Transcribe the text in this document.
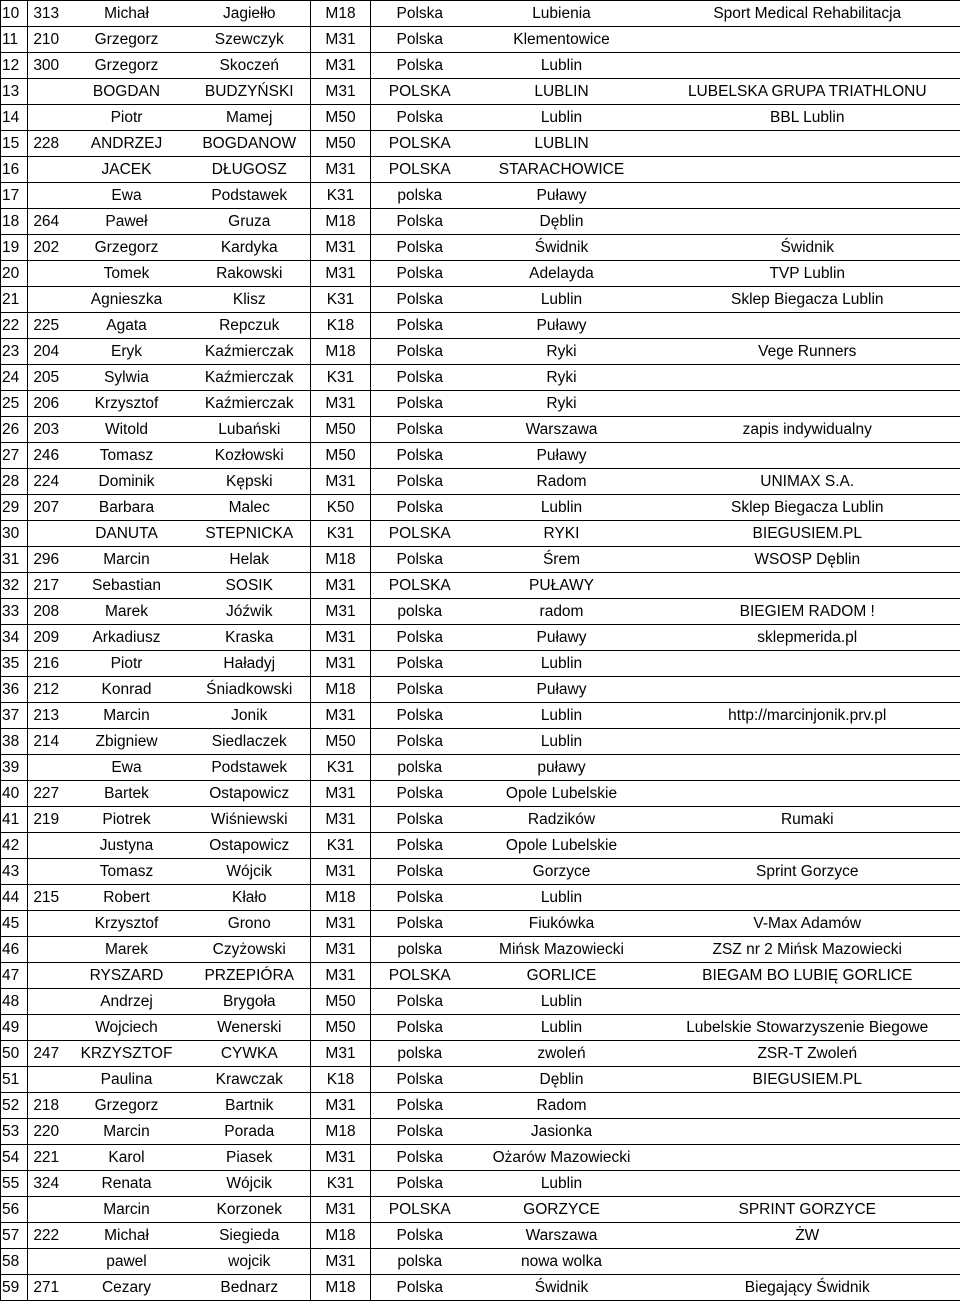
10	313	Michał	Jagiełło	M18	Polska	Lubienia	Sport Medical Rehabilitacja
11	210	Grzegorz	Szewczyk	M31	Polska	Klementowice	
12	300	Grzegorz	Skoczeń	M31	Polska	Lublin	
13		BOGDAN	BUDZYŃSKI	M31	POLSKA	LUBLIN	LUBELSKA GRUPA TRIATHLONU
14		Piotr	Mamej	M50	Polska	Lublin	BBL Lublin
15	228	ANDRZEJ	BOGDANOW	M50	POLSKA	LUBLIN	
16		JACEK	DŁUGOSZ	M31	POLSKA	STARACHOWICE	
17		Ewa	Podstawek	K31	polska	Puławy	
18	264	Paweł	Gruza	M18	Polska	Dęblin	
19	202	Grzegorz	Kardyka	M31	Polska	Świdnik	Świdnik
20		Tomek	Rakowski	M31	Polska	Adelayda	TVP Lublin
21		Agnieszka	Klisz	K31	Polska	Lublin	Sklep Biegacza Lublin
22	225	Agata	Repczuk	K18	Polska	Puławy	
23	204	Eryk	Kaźmierczak	M18	Polska	Ryki	Vege Runners
24	205	Sylwia	Kaźmierczak	K31	Polska	Ryki	
25	206	Krzysztof	Kaźmierczak	M31	Polska	Ryki	
26	203	Witold	Lubański	M50	Polska	Warszawa	zapis indywidualny
27	246	Tomasz	Kozłowski	M50	Polska	Puławy	
28	224	Dominik	Kępski	M31	Polska	Radom	UNIMAX S.A.
29	207	Barbara	Malec	K50	Polska	Lublin	Sklep Biegacza Lublin
30		DANUTA	STEPNICKA	K31	POLSKA	RYKI	BIEGUSIEM.PL
31	296	Marcin	Helak	M18	Polska	Śrem	WSOSP Dęblin
32	217	Sebastian	SOSIK	M31	POLSKA	PUŁAWY	
33	208	Marek	Jóźwik	M31	polska	radom	BIEGIEM RADOM !
34	209	Arkadiusz	Kraska	M31	Polska	Puławy	sklepmerida.pl
35	216	Piotr	Haładyj	M31	Polska	Lublin	
36	212	Konrad	Śniadkowski	M18	Polska	Puławy	
37	213	Marcin	Jonik	M31	Polska	Lublin	http://marcinjonik.prv.pl
38	214	Zbigniew	Siedlaczek	M50	Polska	Lublin	
39		Ewa	Podstawek	K31	polska	puławy	
40	227	Bartek	Ostapowicz	M31	Polska	Opole Lubelskie	
41	219	Piotrek	Wiśniewski	M31	Polska	Radzików	Rumaki
42		Justyna	Ostapowicz	K31	Polska	Opole Lubelskie	
43		Tomasz	Wójcik	M31	Polska	Gorzyce	Sprint Gorzyce
44	215	Robert	Kłało	M18	Polska	Lublin	
45		Krzysztof	Grono	M31	Polska	Fiukówka	V-Max Adamów
46		Marek	Czyżowski	M31	polska	Mińsk Mazowiecki	ZSZ nr 2 Mińsk Mazowiecki
47		RYSZARD	PRZEPIÓRA	M31	POLSKA	GORLICE	BIEGAM BO LUBIĘ GORLICE
48		Andrzej	Brygoła	M50	Polska	Lublin	
49		Wojciech	Wenerski	M50	Polska	Lublin	Lubelskie Stowarzyszenie Biegowe
50	247	KRZYSZTOF	CYWKA	M31	polska	zwoleń	ZSR-T Zwoleń
51		Paulina	Krawczak	K18	Polska	Dęblin	BIEGUSIEM.PL
52	218	Grzegorz	Bartnik	M31	Polska	Radom	
53	220	Marcin	Porada	M18	Polska	Jasionka	
54	221	Karol	Piasek	M31	Polska	Ożarów Mazowiecki	
55	324	Renata	Wójcik	K31	Polska	Lublin	
56		Marcin	Korzonek	M31	POLSKA	GORZYCE	SPRINT GORZYCE
57	222	Michał	Siegieda	M18	Polska	Warszawa	ŻW
58		pawel	wojcik	M31	polska	nowa wolka	
59	271	Cezary	Bednarz	M18	Polska	Świdnik	Biegający Świdnik
